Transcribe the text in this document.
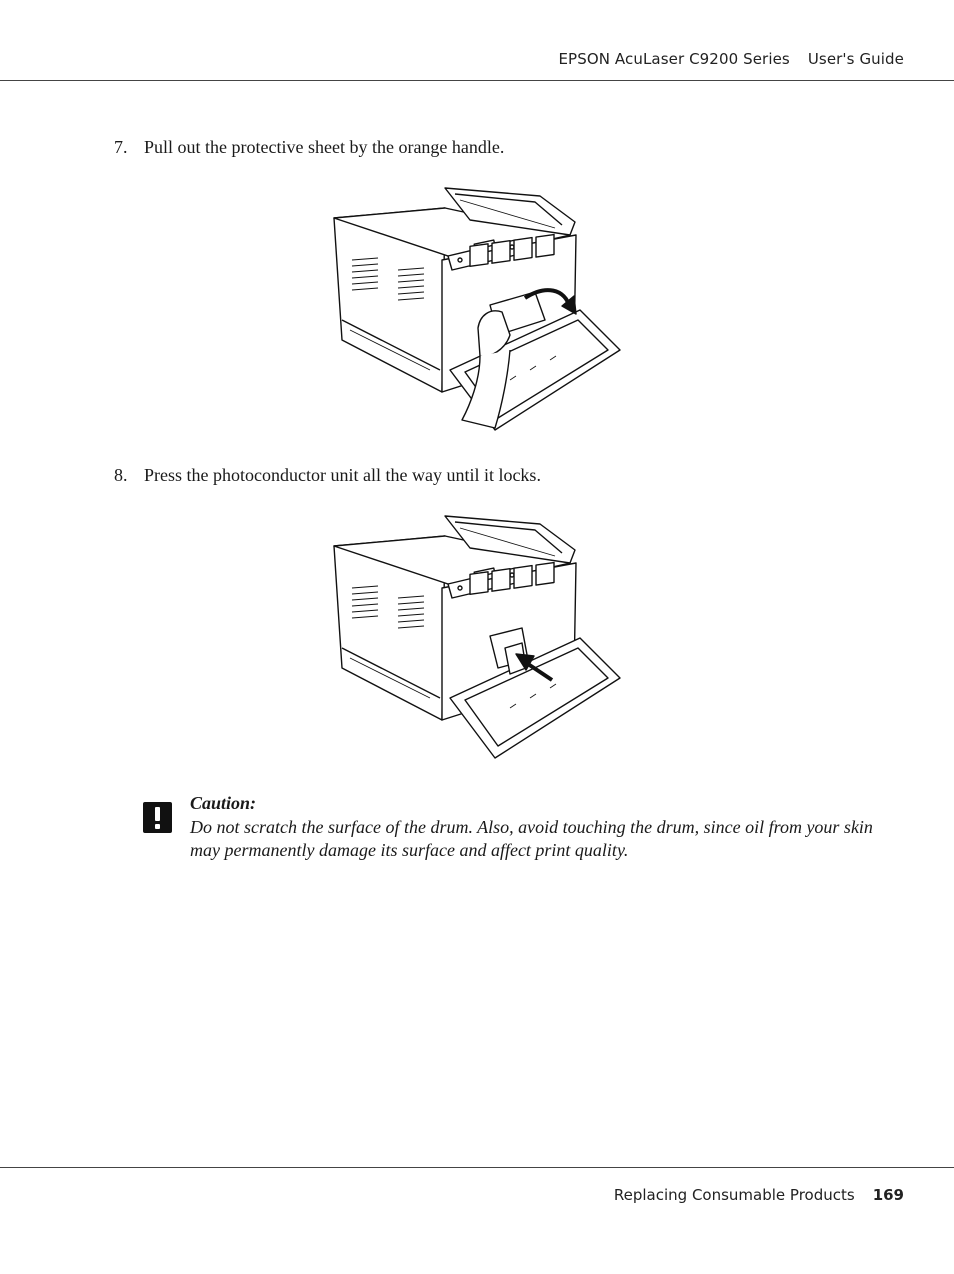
EPSON AcuLaser C9200 Series User's Guide
7. Pull out the protective sheet by the orange handle.
8. Press the photoconductor unit all the way until it locks.
Caution:
Do not scratch the surface of the drum. Also, avoid touching the drum, since oil from your skin may permanently damage its surface and affect print quality.
Replacing Consumable Products 169
